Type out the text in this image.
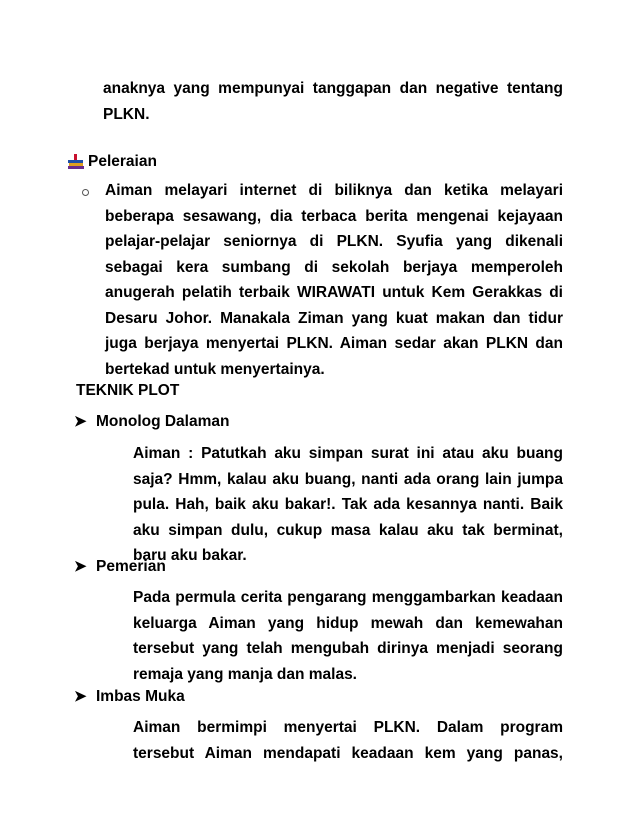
anaknya yang mempunyai tanggapan dan negative tentang PLKN.

Peleraian

Aiman melayari internet di biliknya dan ketika melayari beberapa sesawang, dia terbaca berita mengenai kejayaan pelajar-pelajar seniornya di PLKN. Syufia yang dikenali sebagai kera sumbang di sekolah berjaya memperoleh anugerah pelatih terbaik WIRAWATI untuk Kem Gerakkas di Desaru Johor. Manakala Ziman yang kuat makan dan tidur juga berjaya menyertai PLKN. Aiman sedar akan PLKN dan bertekad untuk menyertainya.

TEKNIK PLOT

➤ Monolog Dalaman

Aiman : Patutkah aku simpan surat ini atau aku buang saja? Hmm, kalau aku buang, nanti ada orang lain jumpa pula. Hah, baik aku bakar!. Tak ada kesannya nanti. Baik aku simpan dulu, cukup masa kalau aku tak berminat, baru aku bakar.

➤ Pemerian

Pada permula cerita pengarang menggambarkan keadaan keluarga Aiman yang hidup mewah dan kemewahan tersebut yang telah mengubah dirinya menjadi seorang remaja yang manja dan malas.

➤ Imbas Muka

Aiman bermimpi menyertai PLKN. Dalam program tersebut Aiman mendapati keadaan kem yang panas,
